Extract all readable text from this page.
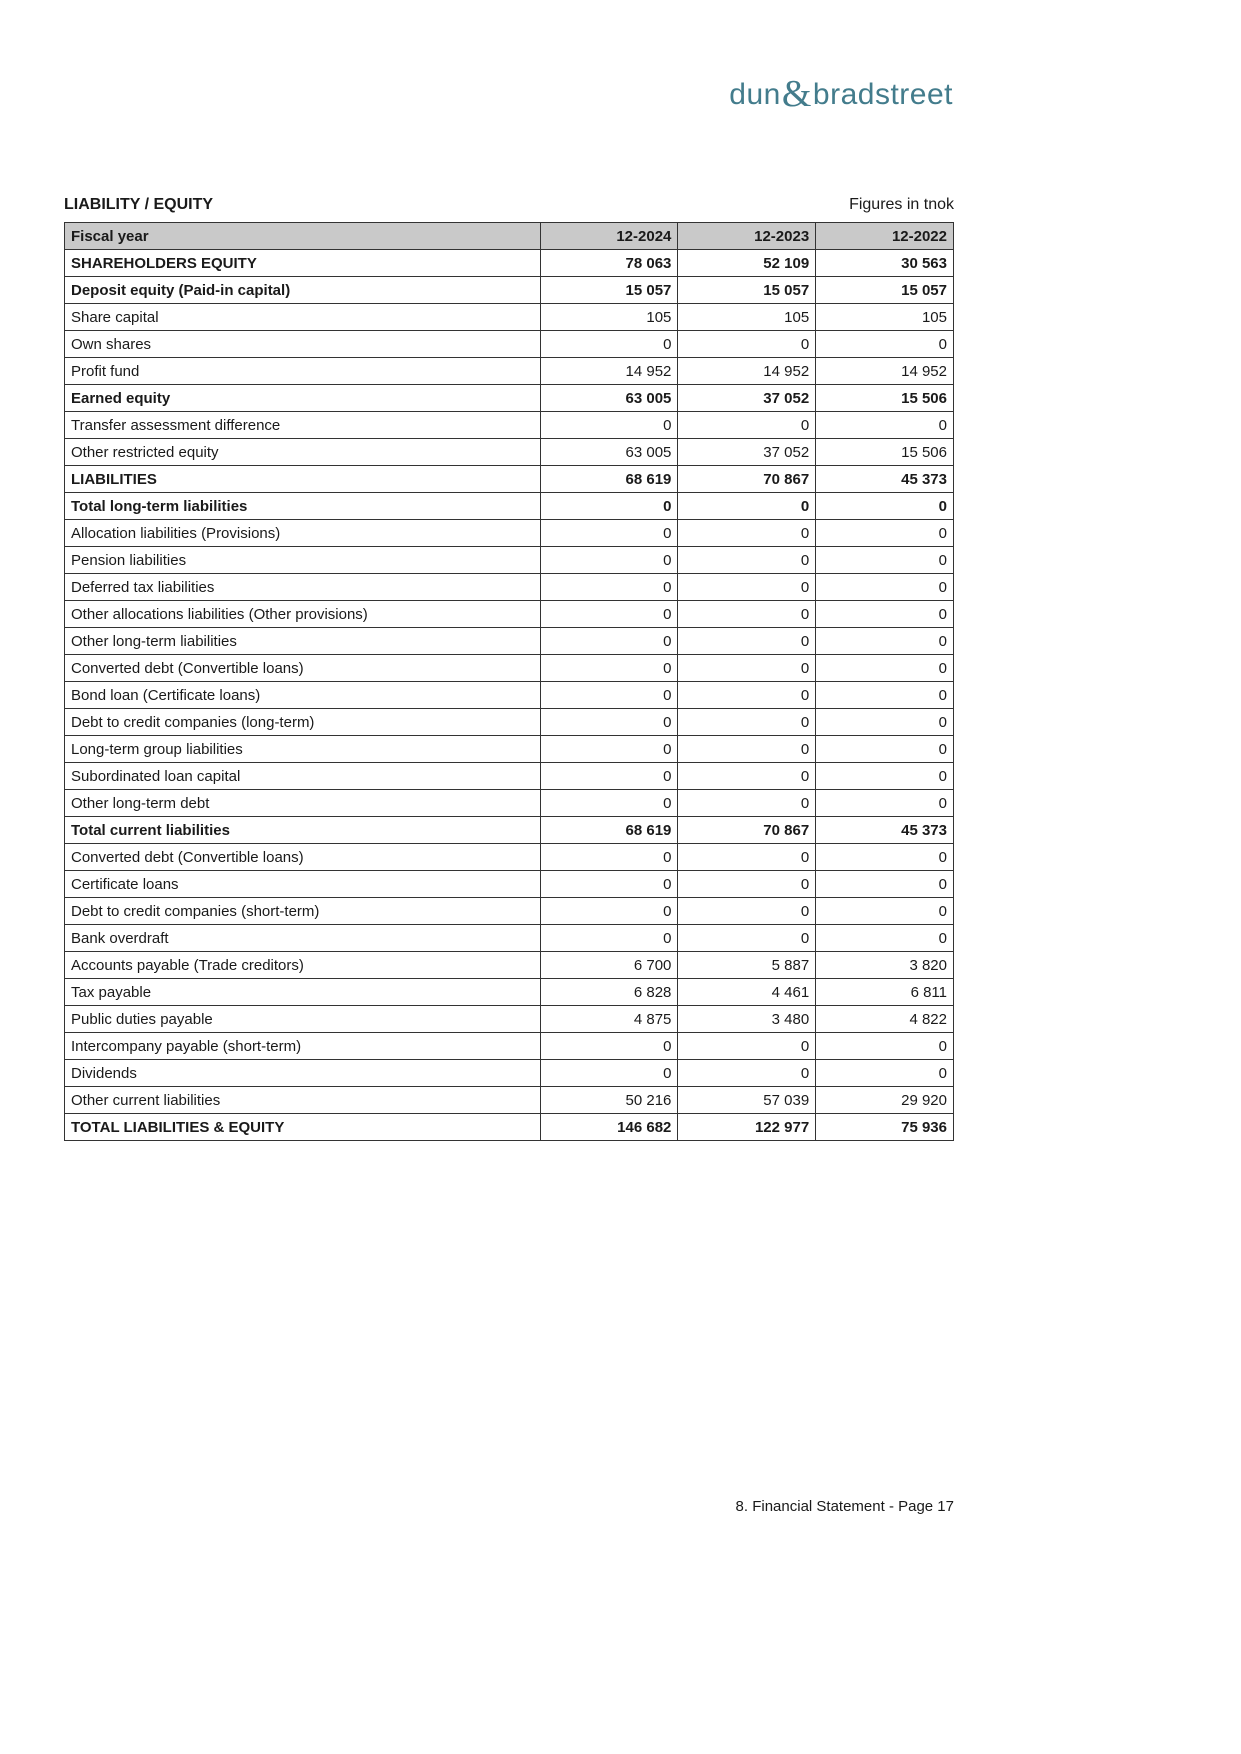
dun & bradstreet
LIABILITY / EQUITY	Figures in tnok
Fiscal year	12-2024	12-2023	12-2022
SHAREHOLDERS EQUITY	78 063	52 109	30 563
Deposit equity (Paid-in capital)	15 057	15 057	15 057
Share capital	105	105	105
Own shares	0	0	0
Profit fund	14 952	14 952	14 952
Earned equity	63 005	37 052	15 506
Transfer assessment difference	0	0	0
Other restricted equity	63 005	37 052	15 506
LIABILITIES	68 619	70 867	45 373
Total long-term liabilities	0	0	0
Allocation liabilities (Provisions)	0	0	0
Pension liabilities	0	0	0
Deferred tax liabilities	0	0	0
Other allocations liabilities (Other provisions)	0	0	0
Other long-term liabilities	0	0	0
Converted debt (Convertible loans)	0	0	0
Bond loan (Certificate loans)	0	0	0
Debt to credit companies (long-term)	0	0	0
Long-term group liabilities	0	0	0
Subordinated loan capital	0	0	0
Other long-term debt	0	0	0
Total current liabilities	68 619	70 867	45 373
Converted debt (Convertible loans)	0	0	0
Certificate loans	0	0	0
Debt to credit companies (short-term)	0	0	0
Bank overdraft	0	0	0
Accounts payable (Trade creditors)	6 700	5 887	3 820
Tax payable	6 828	4 461	6 811
Public duties payable	4 875	3 480	4 822
Intercompany payable (short-term)	0	0	0
Dividends	0	0	0
Other current liabilities	50 216	57 039	29 920
TOTAL LIABILITIES & EQUITY	146 682	122 977	75 936
8. Financial Statement - Page 17
